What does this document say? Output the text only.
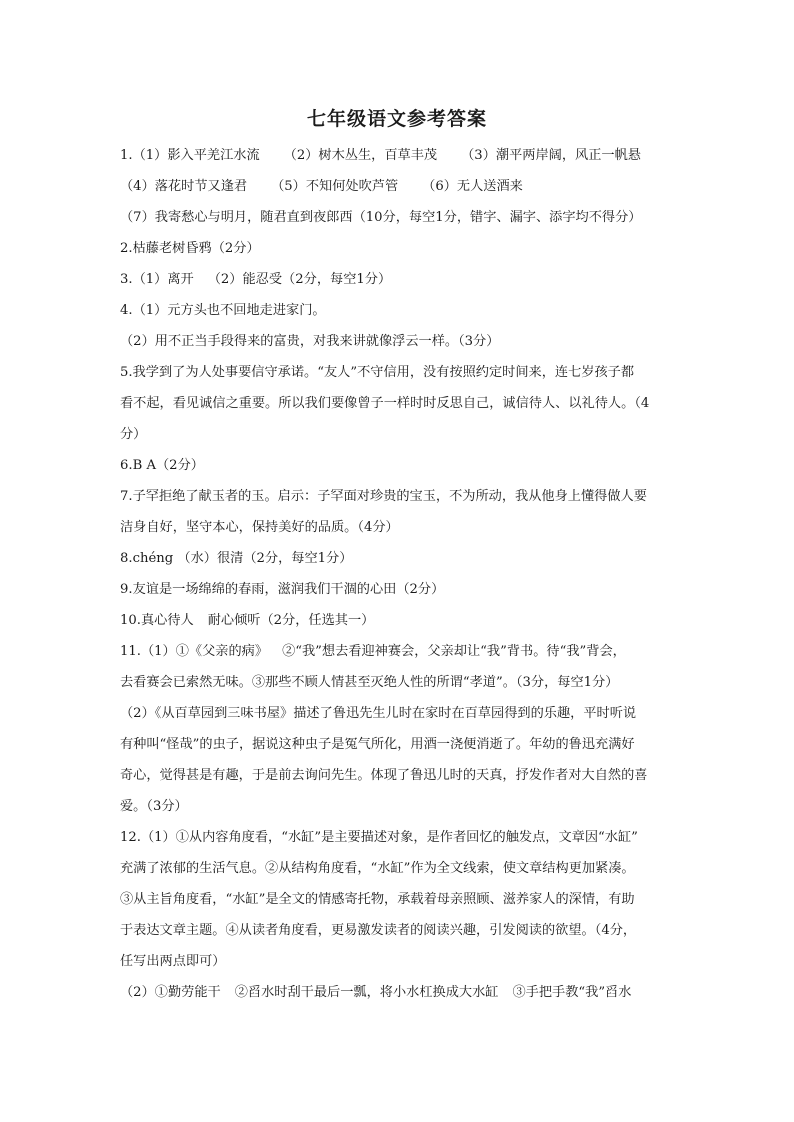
七年级语文参考答案
1.（1）影入平羌江水流 （2）树木丛生，百草丰茂 （3）潮平两岸阔，风正一帆悬
（4）落花时节又逢君 （5）不知何处吹芦管 （6）无人送酒来
（7）我寄愁心与明月，随君直到夜郎西（10分，每空1分，错字、漏字、添字均不得分）
2.枯藤老树昏鸦（2分）
3.（1）离开 （2）能忍受（2分，每空1分）
4.（1）元方头也不回地走进家门。
（2）用不正当手段得来的富贵，对我来讲就像浮云一样。（3分）
5.我学到了为人处事要信守承诺。“友人”不守信用，没有按照约定时间来，连七岁孩子都
看不起，看见诚信之重要。所以我们要像曾子一样时时反思自己，诚信待人、以礼待人。（4
分）
6.B A（2分）
7.子罕拒绝了献玉者的玉。启示：子罕面对珍贵的宝玉，不为所动，我从他身上懂得做人要
洁身自好，坚守本心，保持美好的品质。（4分）
8.chéng （水）很清（2分，每空1分）
9.友谊是一场绵绵的春雨，滋润我们干涸的心田（2分）
10.真心待人 耐心倾听（2分，任选其一）
11.（1）①《父亲的病》 ②“我”想去看迎神赛会，父亲却让“我”背书。待“我”背会，
去看赛会已索然无味。③那些不顾人情甚至灭绝人性的所谓“孝道”。（3分，每空1分）
（2）《从百草园到三味书屋》描述了鲁迅先生儿时在家时在百草园得到的乐趣，平时听说
有种叫“怪哉”的虫子，据说这种虫子是冤气所化，用酒一浇便消逝了。年幼的鲁迅充满好
奇心，觉得甚是有趣，于是前去询问先生。体现了鲁迅儿时的天真，抒发作者对大自然的喜
爱。（3分）
12.（1）①从内容角度看，“水缸”是主要描述对象，是作者回忆的触发点，文章因“水缸”
充满了浓郁的生活气息。②从结构角度看，“水缸”作为全文线索，使文章结构更加紧凑。
③从主旨角度看，“水缸”是全文的情感寄托物，承载着母亲照顾、滋养家人的深情，有助
于表达文章主题。④从读者角度看，更易激发读者的阅读兴趣，引发阅读的欲望。（4分，
任写出两点即可）
（2）①勤劳能干 ②舀水时刮干最后一瓢，将小水杠换成大水缸 ③手把手教“我”舀水
